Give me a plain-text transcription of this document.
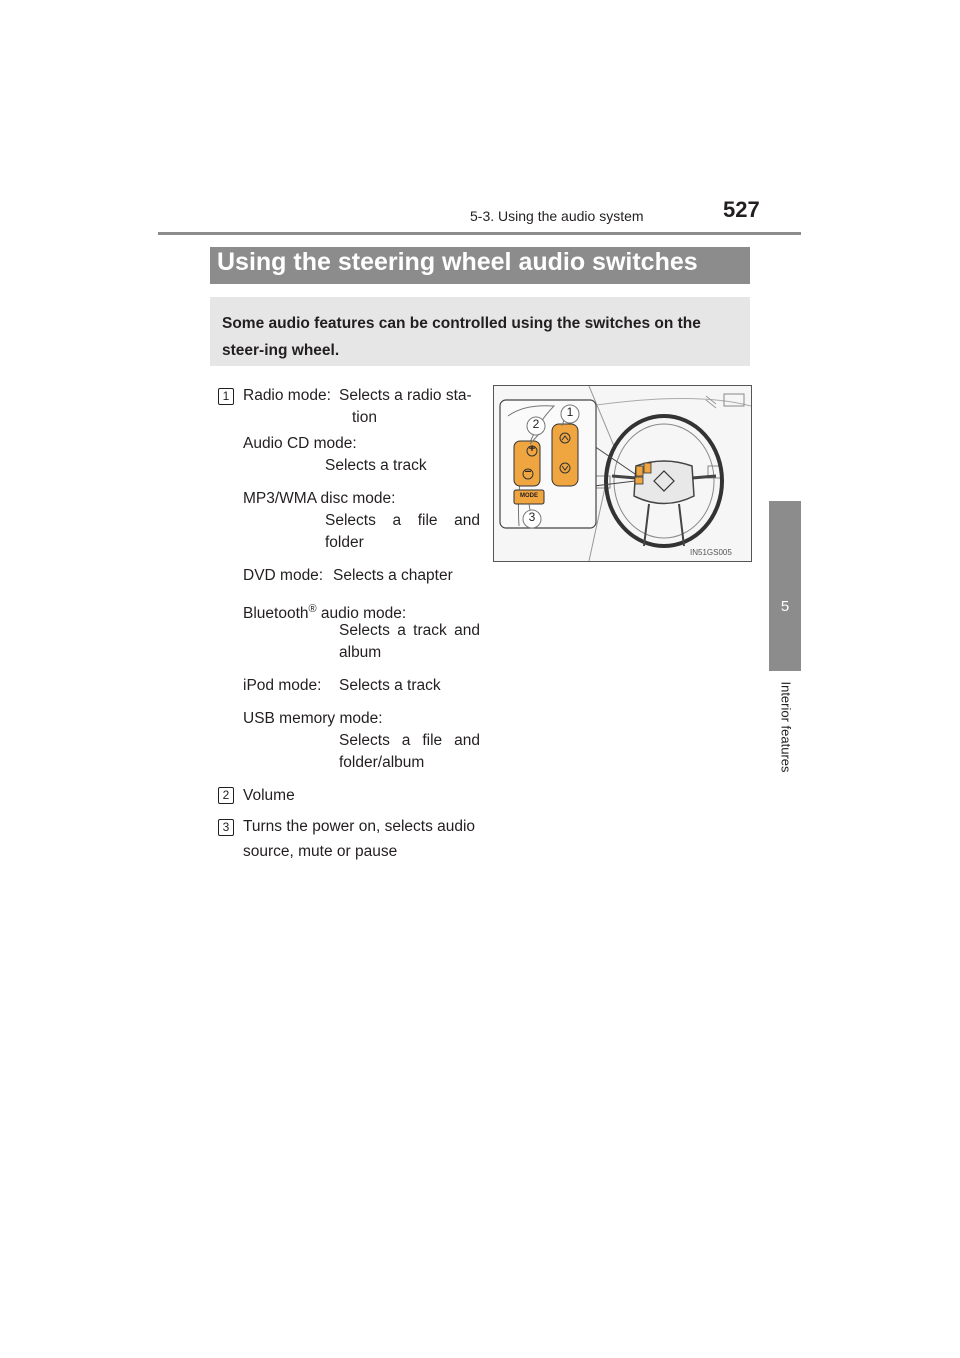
5-3. Using the audio system	527
5
Interior features
Using the steering wheel audio switches
Some audio features can be controlled using the switches on the steer-ing wheel.
1 Radio mode: Selects a radio sta-
tion
Audio CD mode:
Selects a track
MP3/WMA disc mode:
Selects a file and
folder
DVD mode: Selects a chapter
Bluetooth® audio mode:
Selects a track and
album
iPod mode: Selects a track
USB memory mode:
Selects a file and
folder/album
2 Volume
3 Turns the power on, selects audio
source, mute or pause
1
2
3
+
−
MODE
IN51GS005
